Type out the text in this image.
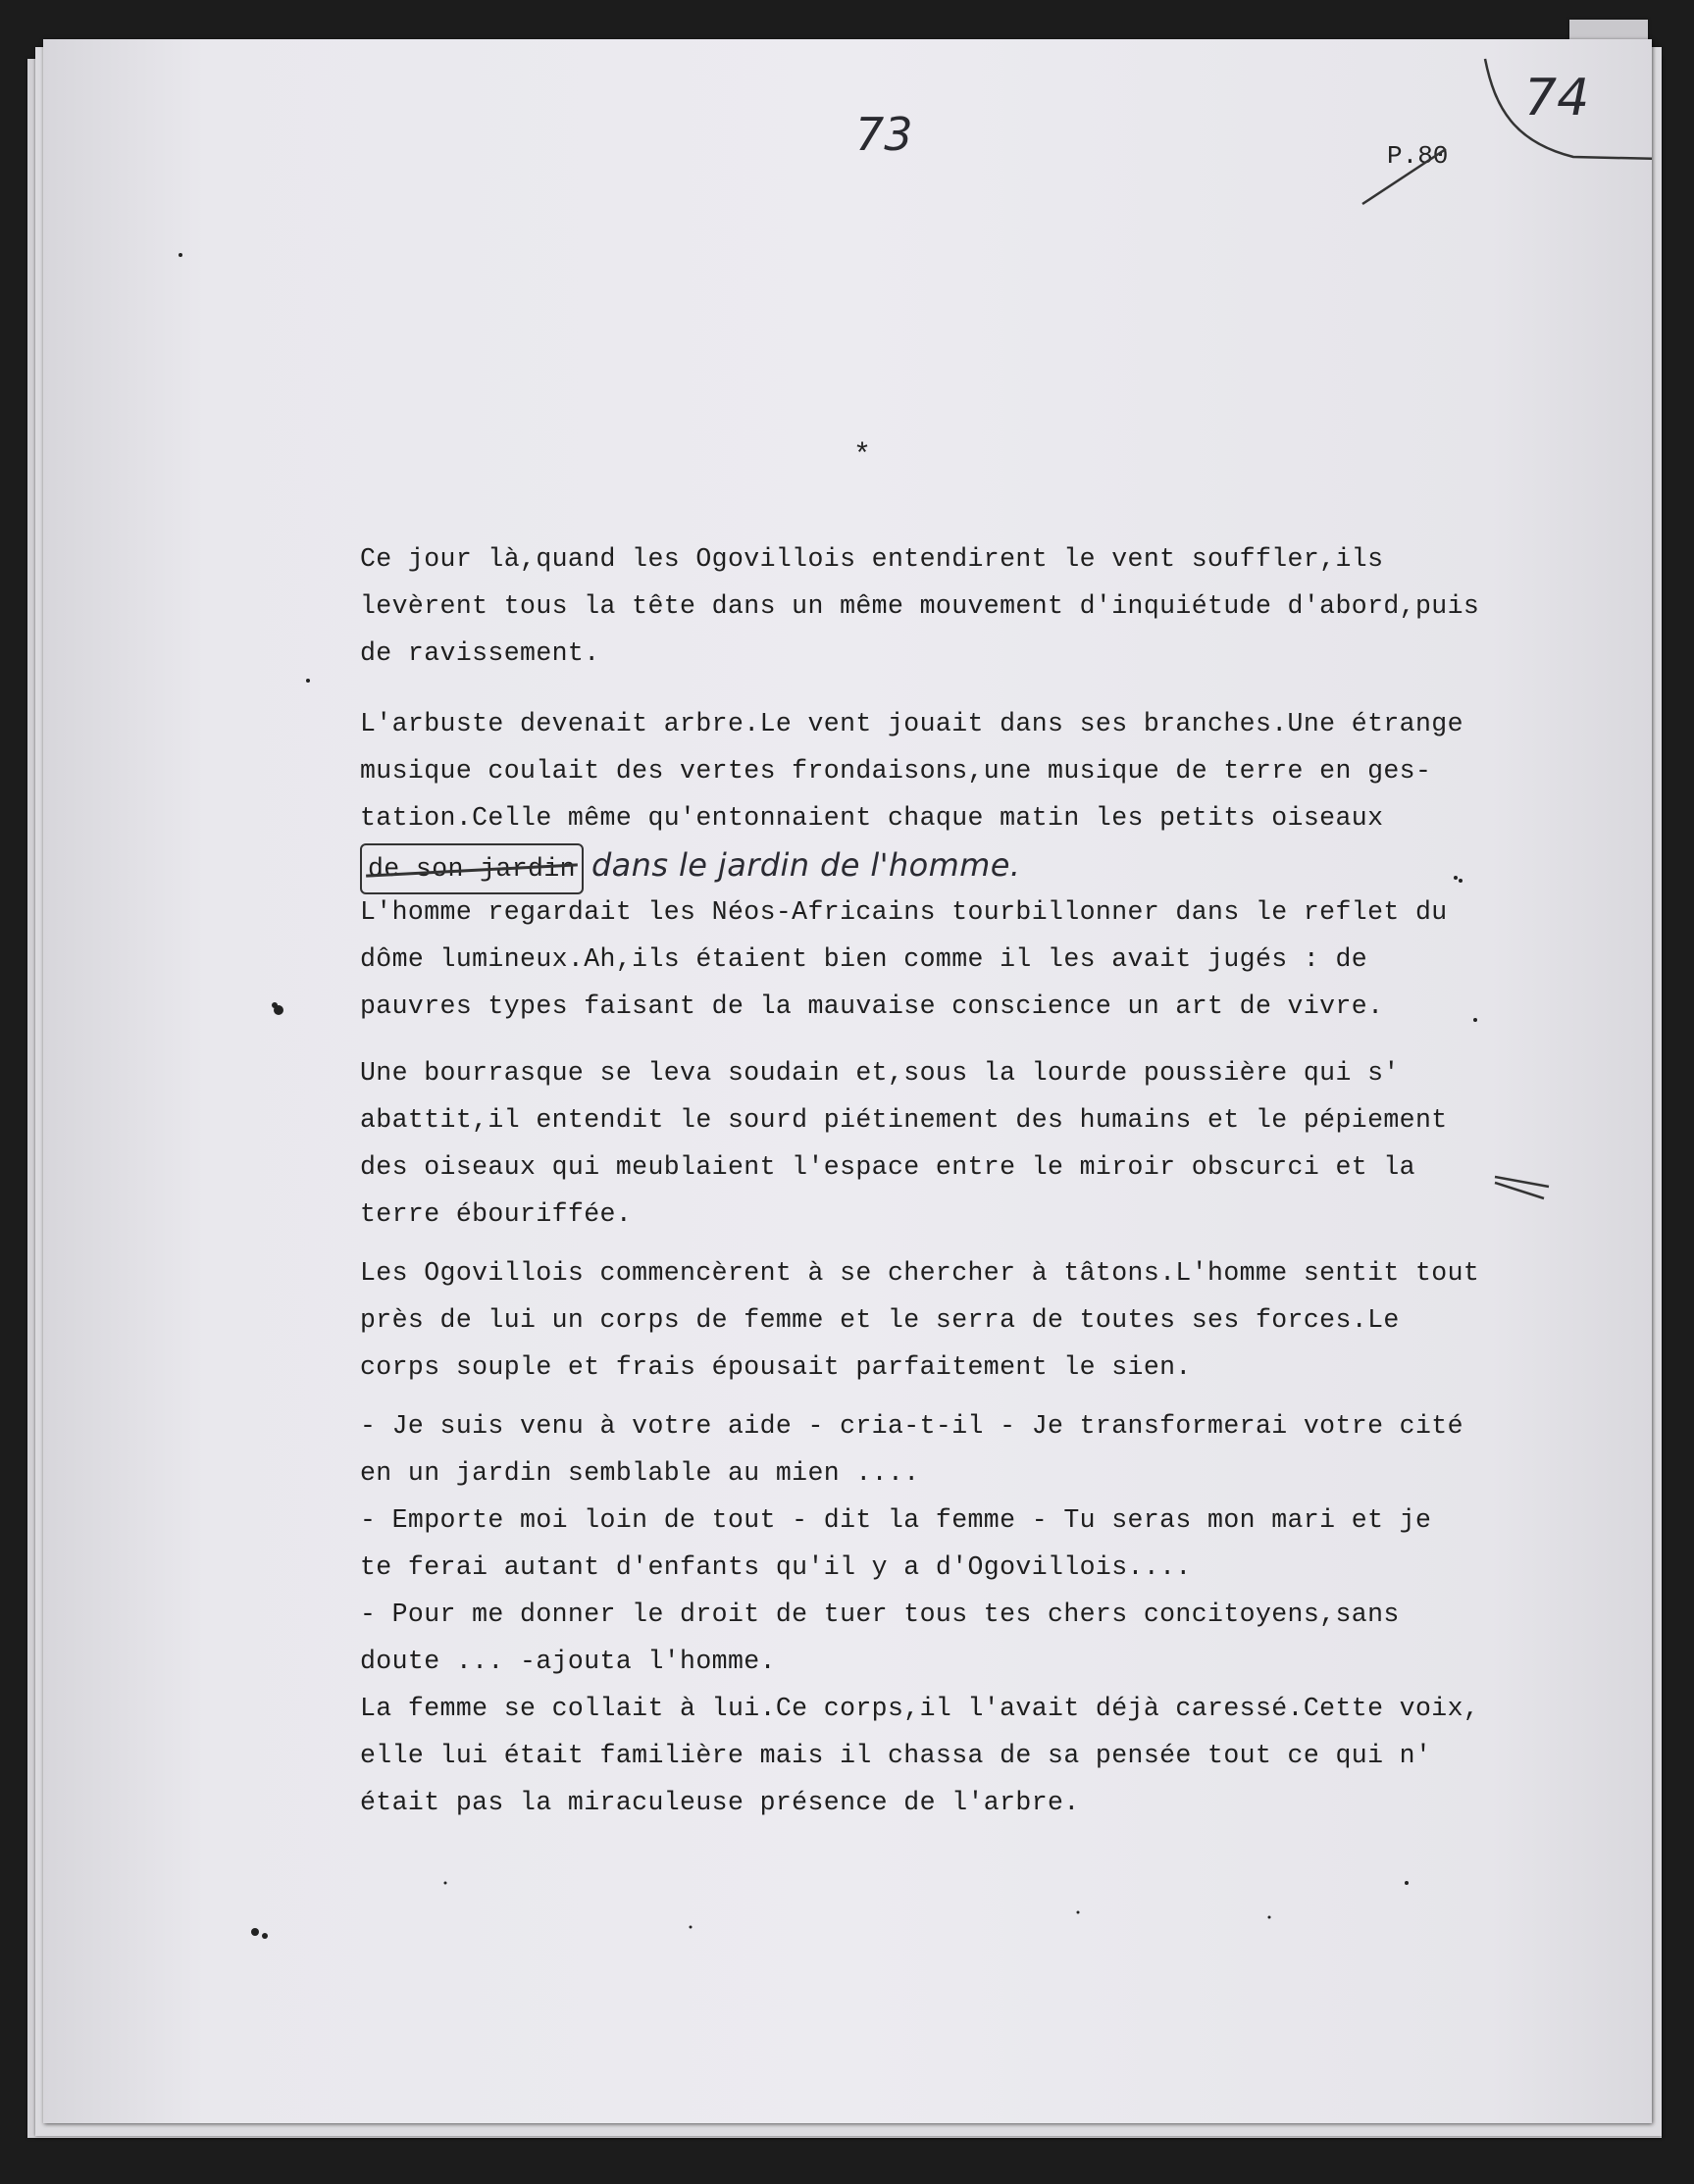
73
74
P.80
*
Ce jour là,quand les Ogovillois entendirent le vent souffler,ils
levèrent tous la tête dans un même mouvement d'inquiétude d'abord,puis
de ravissement.
L'arbuste devenait arbre.Le vent jouait dans ses branches.Une étrange
musique coulait des vertes frondaisons,une musique de terre en ges-
tation.Celle même qu'entonnaient chaque matin les petits oiseaux
de son jardin dans le jardin de l'homme.
L'homme regardait les Néos-Africains tourbillonner dans le reflet du
dôme lumineux.Ah,ils étaient bien comme il les avait jugés : de
pauvres types faisant de la mauvaise conscience un art de vivre.
Une bourrasque se leva soudain et,sous la lourde poussière qui s'
abattit,il entendit le sourd piétinement des humains et le pépiement
des oiseaux qui meublaient l'espace entre le miroir obscurci et la
terre ébouriffée.
Les Ogovillois commencèrent à se chercher à tâtons.L'homme sentit tout
près de lui un corps de femme et le serra de toutes ses forces.Le
corps souple et frais épousait parfaitement le sien.
- Je suis venu à votre aide - cria-t-il - Je transformerai votre cité
en un jardin semblable au mien ....
- Emporte moi loin de tout - dit la femme - Tu seras mon mari et je
te ferai autant d'enfants qu'il y a d'Ogovillois....
- Pour me donner le droit de tuer tous tes chers concitoyens,sans
doute ... -ajouta l'homme.
La femme se collait à lui.Ce corps,il l'avait déjà caressé.Cette voix,
elle lui était familière mais il chassa de sa pensée tout ce qui n'
était pas la miraculeuse présence de l'arbre.
